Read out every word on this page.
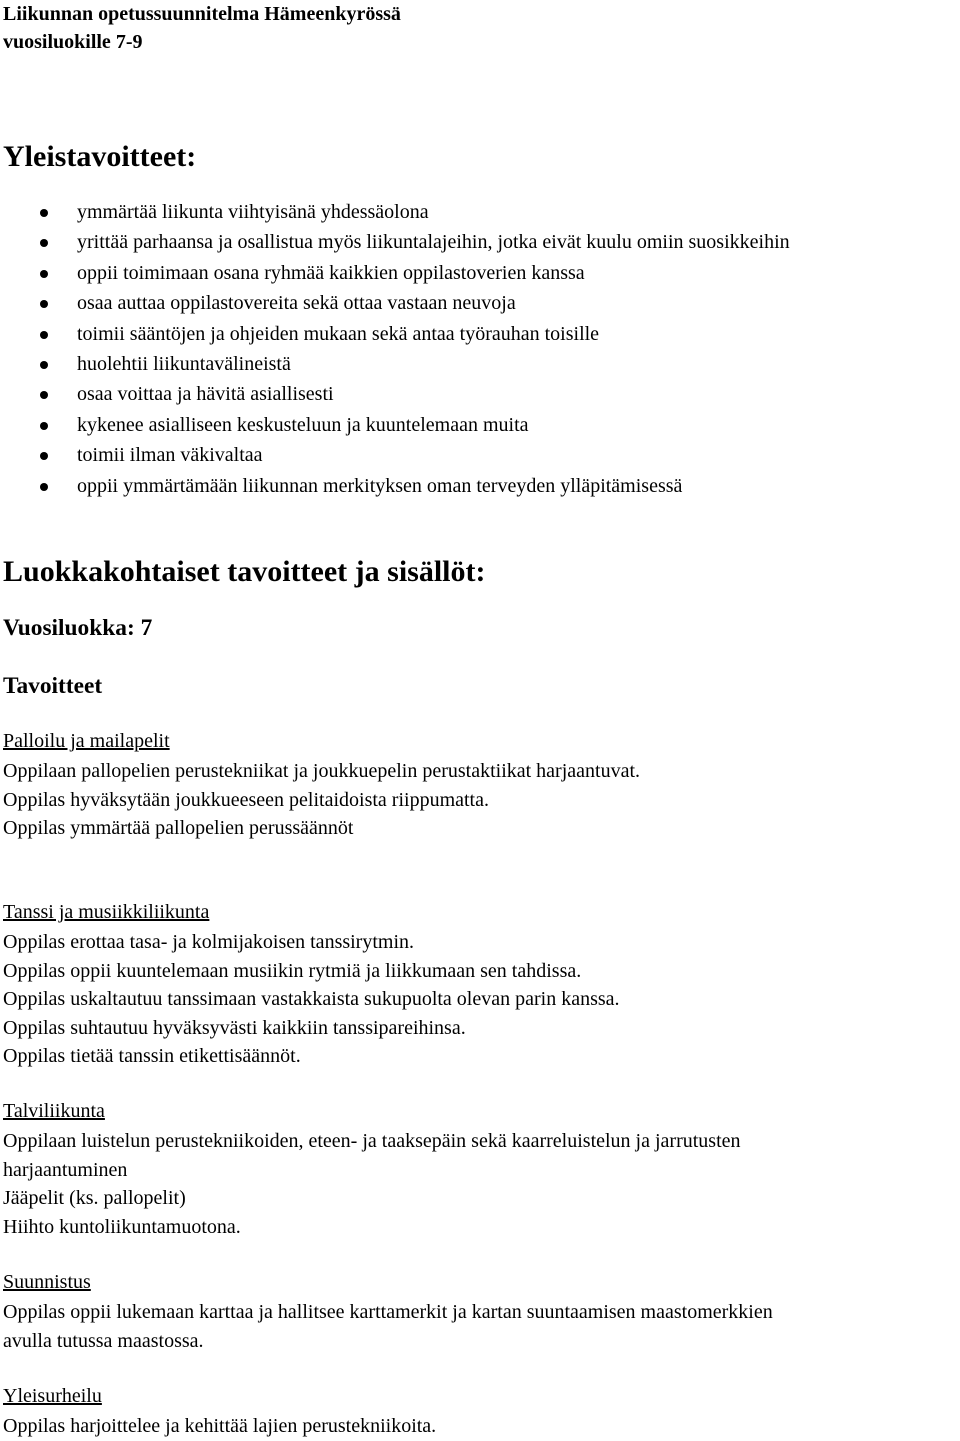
Liikunnan opetussuunnitelma Hämeenkyrössä
vuosiluokille 7-9
Yleistavoitteet:
ymmärtää liikunta viihtyisänä yhdessäolona
yrittää parhaansa ja osallistua myös liikuntalajeihin, jotka eivät kuulu omiin suosikkeihin
oppii toimimaan osana ryhmää kaikkien oppilastoverien kanssa
osaa auttaa oppilastovereita sekä ottaa vastaan neuvoja
toimii sääntöjen ja ohjeiden mukaan sekä antaa työrauhan toisille
huolehtii liikuntavälineistä
osaa voittaa ja hävitä asiallisesti
kykenee asialliseen keskusteluun ja kuuntelemaan muita
toimii ilman väkivaltaa
oppii ymmärtämään liikunnan merkityksen oman terveyden ylläpitämisessä
Luokkakohtaiset tavoitteet ja sisällöt:
Vuosiluokka: 7
Tavoitteet
Palloilu ja mailapelit
Oppilaan pallopelien perustekniikat ja joukkuepelin perustaktiikat harjaantuvat.
Oppilas hyväksytään joukkueeseen pelitaidoista riippumatta.
Oppilas ymmärtää pallopelien perussäännöt
Tanssi ja musiikkiliikunta
Oppilas erottaa tasa- ja kolmijakoisen tanssirytmin.
Oppilas oppii kuuntelemaan musiikin rytmiä ja liikkumaan sen tahdissa.
Oppilas uskaltautuu tanssimaan vastakkaista sukupuolta olevan parin kanssa.
Oppilas suhtautuu hyväksyvästi kaikkiin tanssipareihinsa.
Oppilas tietää tanssin etikettisäännöt.
Talviliikunta
Oppilaan luistelun perustekniikoiden, eteen- ja taaksepäin sekä kaarreluistelun ja jarrutusten
harjaantuminen
Jääpelit (ks. pallopelit)
Hiihto kuntoliikuntamuotona.
Suunnistus
Oppilas oppii lukemaan karttaa ja hallitsee karttamerkit ja kartan suuntaamisen maastomerkkien
avulla tutussa maastossa.
Yleisurheilu
Oppilas harjoittelee ja kehittää lajien perustekniikoita.
